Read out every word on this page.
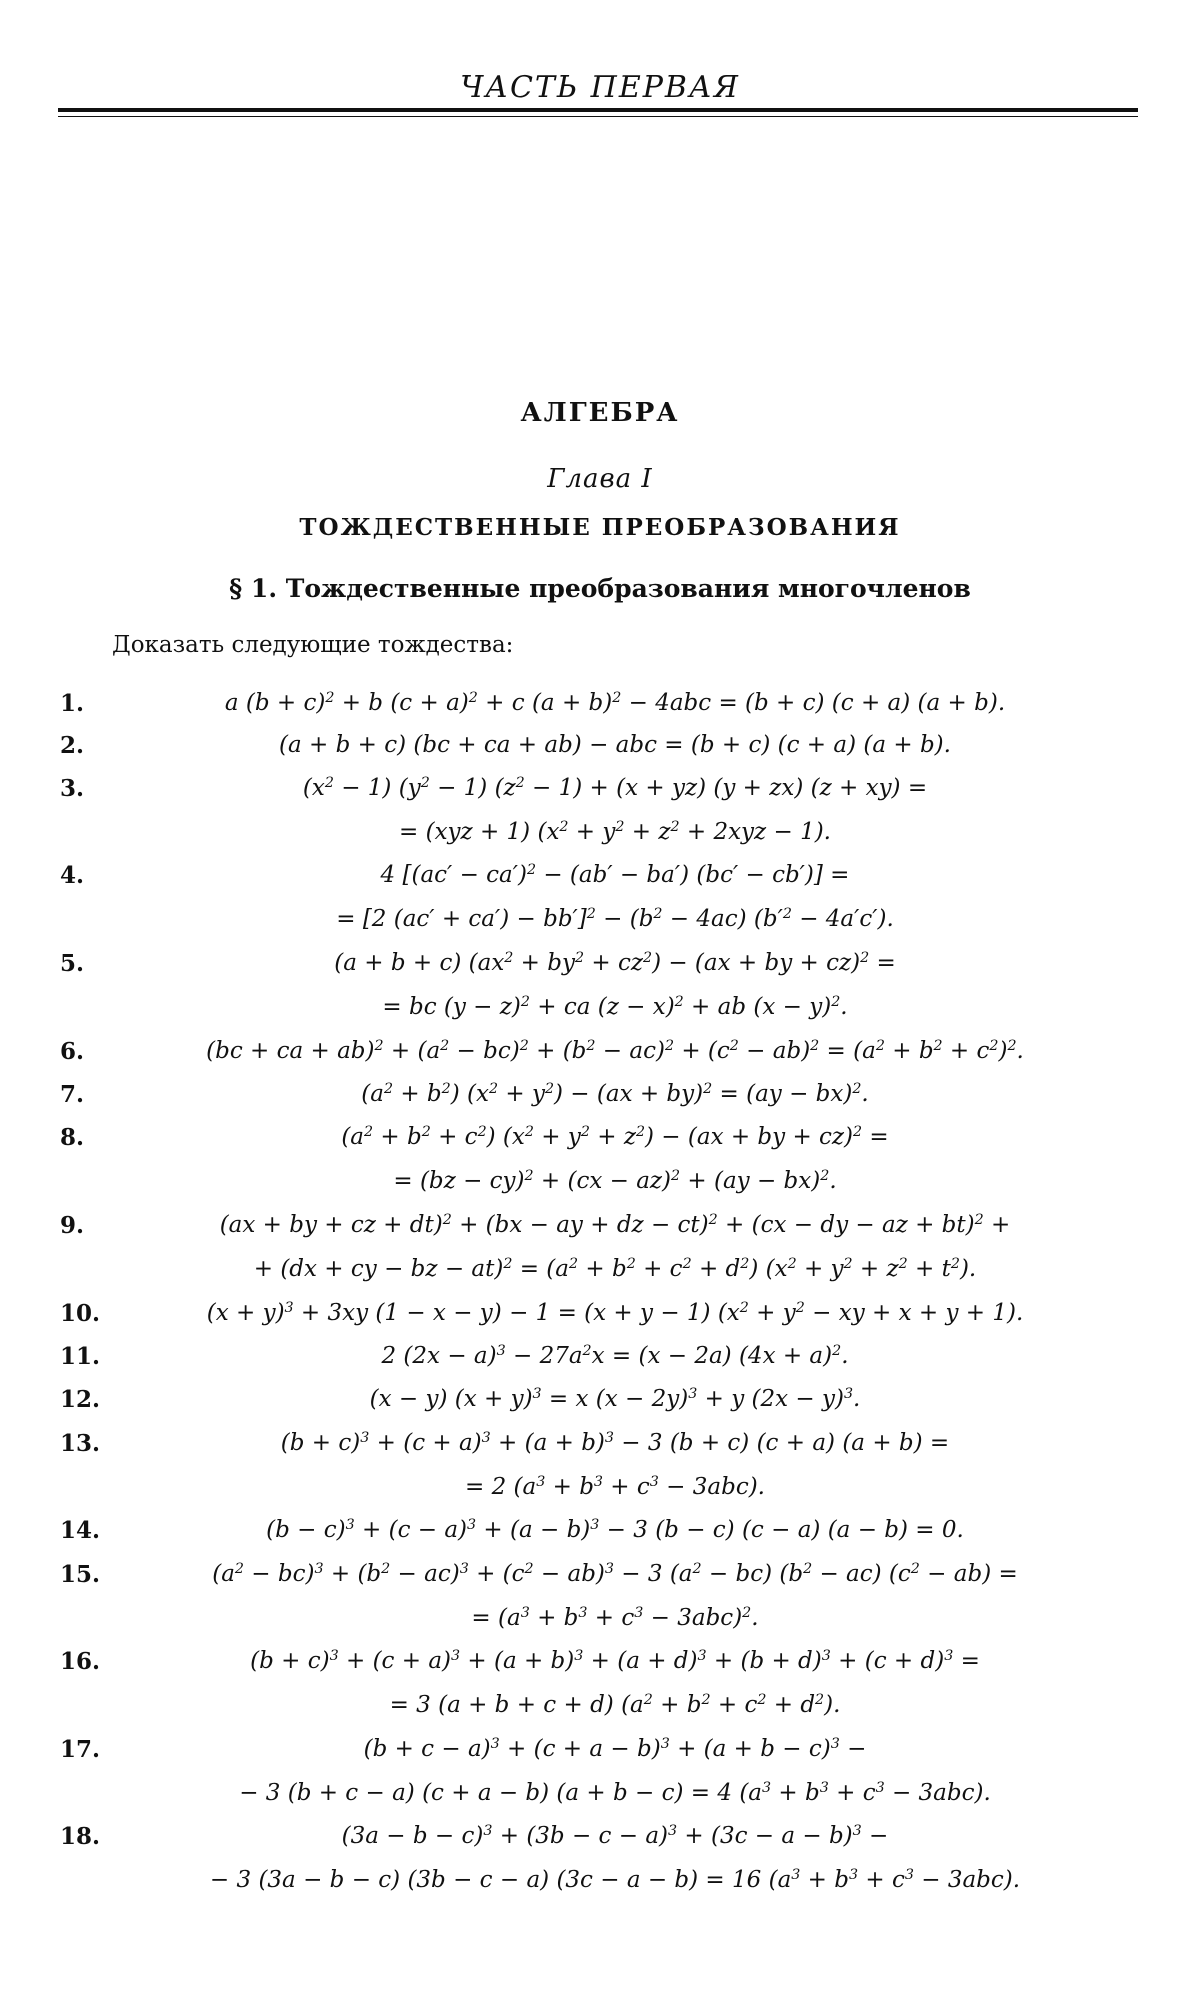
ЧАСТЬ ПЕРВАЯ
АЛГЕБРА
Глава I
ТОЖДЕСТВЕННЫЕ ПРЕОБРАЗОВАНИЯ
§ 1. Тождественные преобразования многочленов
Доказать следующие тождества:
1.	a $(b + c)^2 + b$ $(c + a)^2 + c$ $(a + b)^2 - 4abc = (b + c)$ (c + a) (a + b).
2.	(a + b + c) (bc + ca + ab) − abc = (b + c) (c + a) (a + b).
3.	$(x^2 - 1) (y^2 - 1) (z^2 - 1) + (x + yz) (y + zx) (z + xy)$ =
= (xyz + 1) $(x^2 + y^2 + z^2 + 2xyz - 1)$.
4.	4 [$(ac' - ca')^2 - (ab' - ba')$ (bc′ − cb′)] =
= [2 $(ac' + ca') - bb']^2 - (b^2 - 4ac) (b'^2 - 4a'c')$.
5.	(a + b + c) $(ax^2 + by^2 + cz^2) - (ax$ + by + cz)$^2$ =
= bc $(y - z)^2$ + ca $(z - x)^2$ + ab $(x - y)^2$.
6.	(bc + ca + $ab)^2 + (a^2 - bc)^2 + (b^2 - ac)^2 + (c^2 - ab)^2 = (a^2 + b^2 + c^2)^2$.
7.	$(a^2 + b^2) (x^2 + y^2) - (ax + by)^2 = (ay - bx)^2$.
8.	$(a^2 + b^2 + c^2) (x^2 + y^2 + z^2) - (ax$ + by + cz)$^2$ =
= (bz − cy)$^2$ + (cx − az)$^2$ + (ay − bx)$^2$.
9.	(ax + by + cz + dt)$^2$ + (bx − ay + dz − ct)$^2$ + (cx − dy − az + bt)$^2$ +
+ (dx + cy − bz − $at)^2 = (a^2 + b^2 + c^2 + d^2) (x^2 + y^2 + z^2 + t^2)$.
10.	$(x + y)^3 + 3xy$ (1 − x − y) − 1 = (x + y − 1) ($x^2 + y^2$ − xy + x + y + 1).
11.	2 $(2x - a)^3 - 27a^2x = (x - 2a)$ $(4x + a)^2$.
12.	(x − y) $(x + y)^3 = x$ $(x - 2y)^3 + y$ $(2x - y)^3$.
13.	$(b + c)^3 + (c + a)^3 + (a + b)^3 - 3$ (b + c) (c + a) (a + b) =
= 2 $(a^3 + b^3 + c^3 - 3abc)$.
14.	$(b - c)^3 + (c - a)^3 + (a - b)^3 - 3$ (b − c) (c − a) (a − b) = 0.
15.	$(a^2 - bc)^3 + (b^2 - ac)^3 + (c^2 - ab)^3 - 3$ $(a^2 - bc) (b^2 - ac) (c^2 - ab)$ =
= $(a^3 + b^3 + c^3 - 3abc)^2$.
16.	$(b + c)^3 + (c + a)^3 + (a + b)^3 + (a + d)^3 + (b + d)^3 + (c + d)^3$ =
= 3 (a + b + c + d) $(a^2 + b^2 + c^2 + d^2)$.
17.	$(b + c - a)^3 + (c + a - b)^3 + (a + b - c)^3$ −
− 3 (b + c − a) (c + a − b) (a + b − c) = 4 $(a^3 + b^3 + c^3 - 3abc)$.
18.	$(3a - b - c)^3 + (3b - c - a)^3 + (3c - a - b)^3$ −
− 3 (3a − b − c) (3b − c − a) (3c − a − b) = 16 $(a^3 + b^3 + c^3 - 3abc)$.
